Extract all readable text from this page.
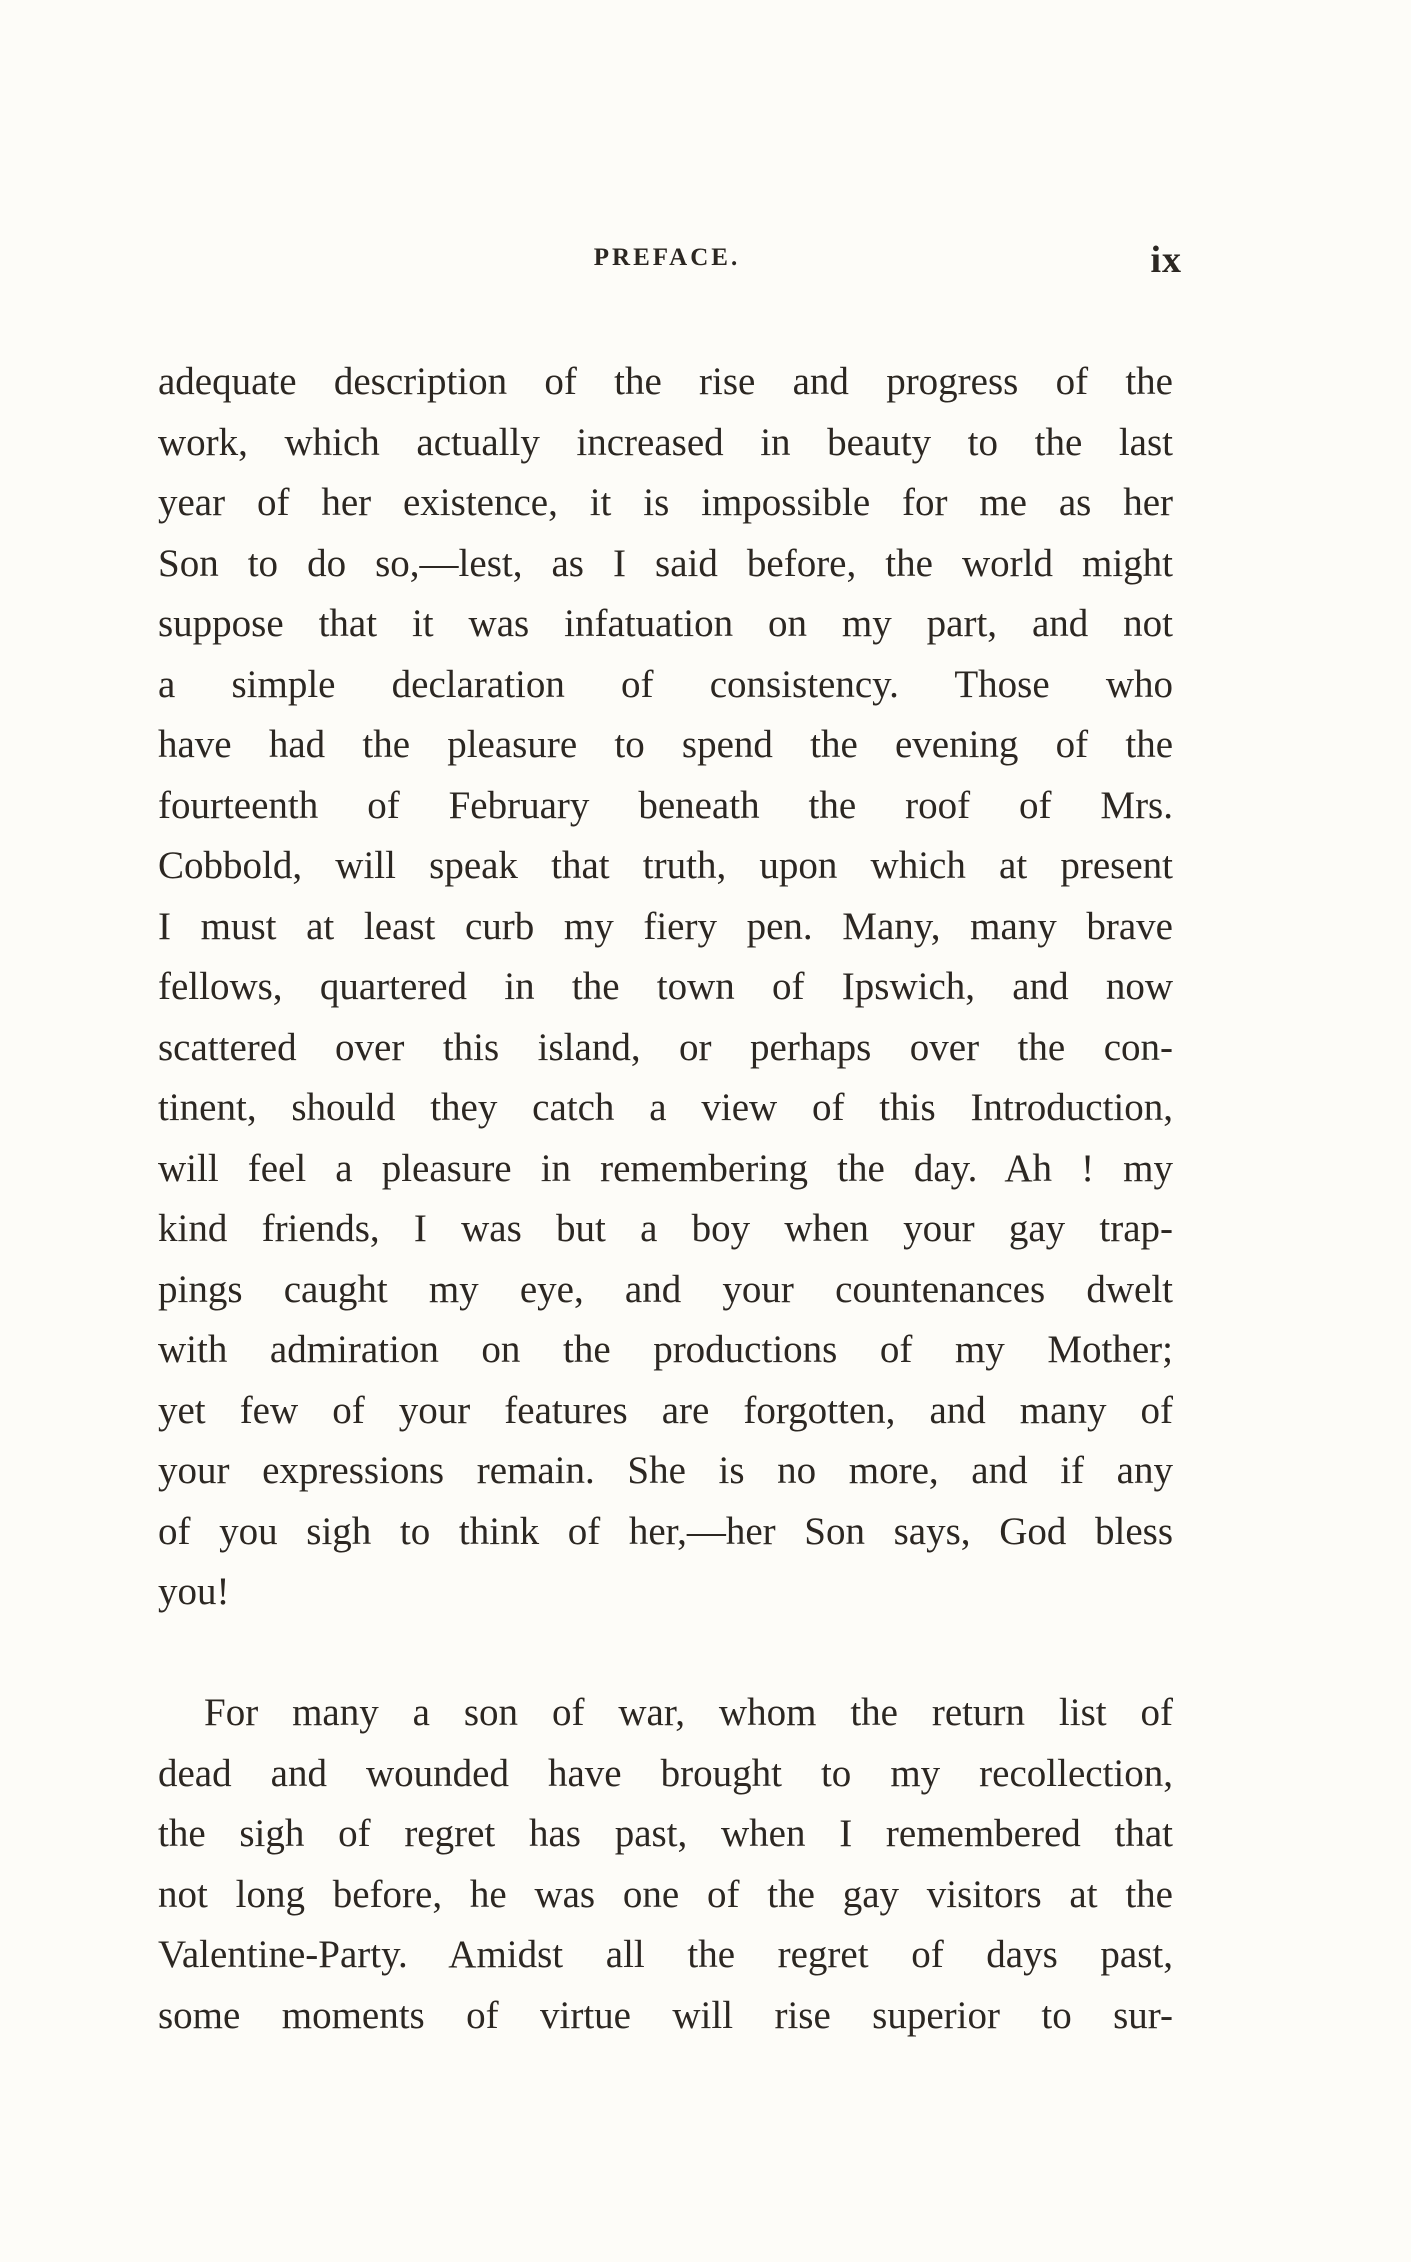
PREFACE.	ix
adequate description of the rise and progress of the
work, which actually increased in beauty to the last
year of her existence, it is impossible for me as her
Son to do so,—lest, as I said before, the world might
suppose that it was infatuation on my part, and not
a simple declaration of consistency. Those who
have had the pleasure to spend the evening of the
fourteenth of February beneath the roof of Mrs.
Cobbold, will speak that truth, upon which at present
I must at least curb my fiery pen. Many, many brave
fellows, quartered in the town of Ipswich, and now
scattered over this island, or perhaps over the con-
tinent, should they catch a view of this Introduction,
will feel a pleasure in remembering the day. Ah ! my
kind friends, I was but a boy when your gay trap-
pings caught my eye, and your countenances dwelt
with admiration on the productions of my Mother;
yet few of your features are forgotten, and many of
your expressions remain. She is no more, and if any
of you sigh to think of her,—her Son says, God bless
you!
For many a son of war, whom the return list of
dead and wounded have brought to my recollection,
the sigh of regret has past, when I remembered that
not long before, he was one of the gay visitors at the
Valentine-Party. Amidst all the regret of days past,
some moments of virtue will rise superior to sur-
